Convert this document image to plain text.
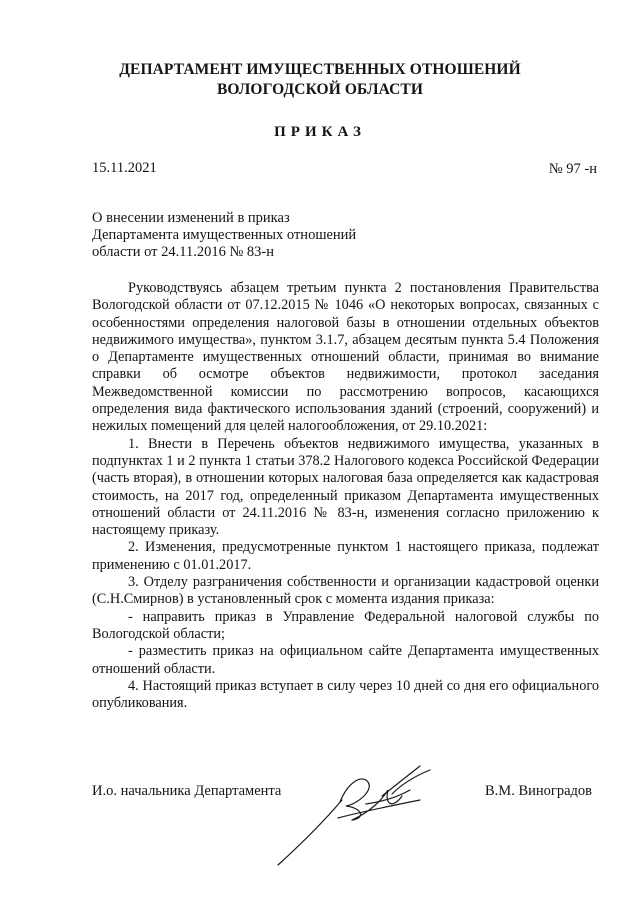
ДЕПАРТАМЕНТ ИМУЩЕСТВЕННЫХ ОТНОШЕНИЙ
ВОЛОГОДСКОЙ ОБЛАСТИ
ПРИКАЗ
15.11.2021	№ 97 -н
О внесении изменений в приказ
Департамента имущественных отношений
области от 24.11.2016 № 83-н

Руководствуясь абзацем третьим пункта 2 постановления Правительства Вологодской области от 07.12.2015 № 1046 «О некоторых вопросах, связанных с особенностями определения налоговой базы в отношении отдельных объектов недвижимого имущества», пунктом 3.1.7, абзацем десятым пункта 5.4 Положения о Департаменте имущественных отношений области, принимая во внимание справки об осмотре объектов недвижимости, протокол заседания Межведомственной комиссии по рассмотрению вопросов, касающихся определения вида фактического использования зданий (строений, сооружений) и нежилых помещений для целей налогообложения, от 29.10.2021:

1. Внести в Перечень объектов недвижимого имущества, указанных в подпунктах 1 и 2 пункта 1 статьи 378.2 Налогового кодекса Российской Федерации (часть вторая), в отношении которых налоговая база определяется как кадастровая стоимость, на 2017 год, определенный приказом Департамента имущественных отношений области от 24.11.2016 № 83-н, изменения согласно приложению к настоящему приказу.

2. Изменения, предусмотренные пунктом 1 настоящего приказа, подлежат применению с 01.01.2017.

3. Отделу разграничения собственности и организации кадастровой оценки (С.Н.Смирнов) в установленный срок с момента издания приказа:

- направить приказ в Управление Федеральной налоговой службы по Вологодской области;

- разместить приказ на официальном сайте Департамента имущественных отношений области.

4. Настоящий приказ вступает в силу через 10 дней со дня его официального опубликования.

И.о. начальника Департамента	В.М. Виноградов
